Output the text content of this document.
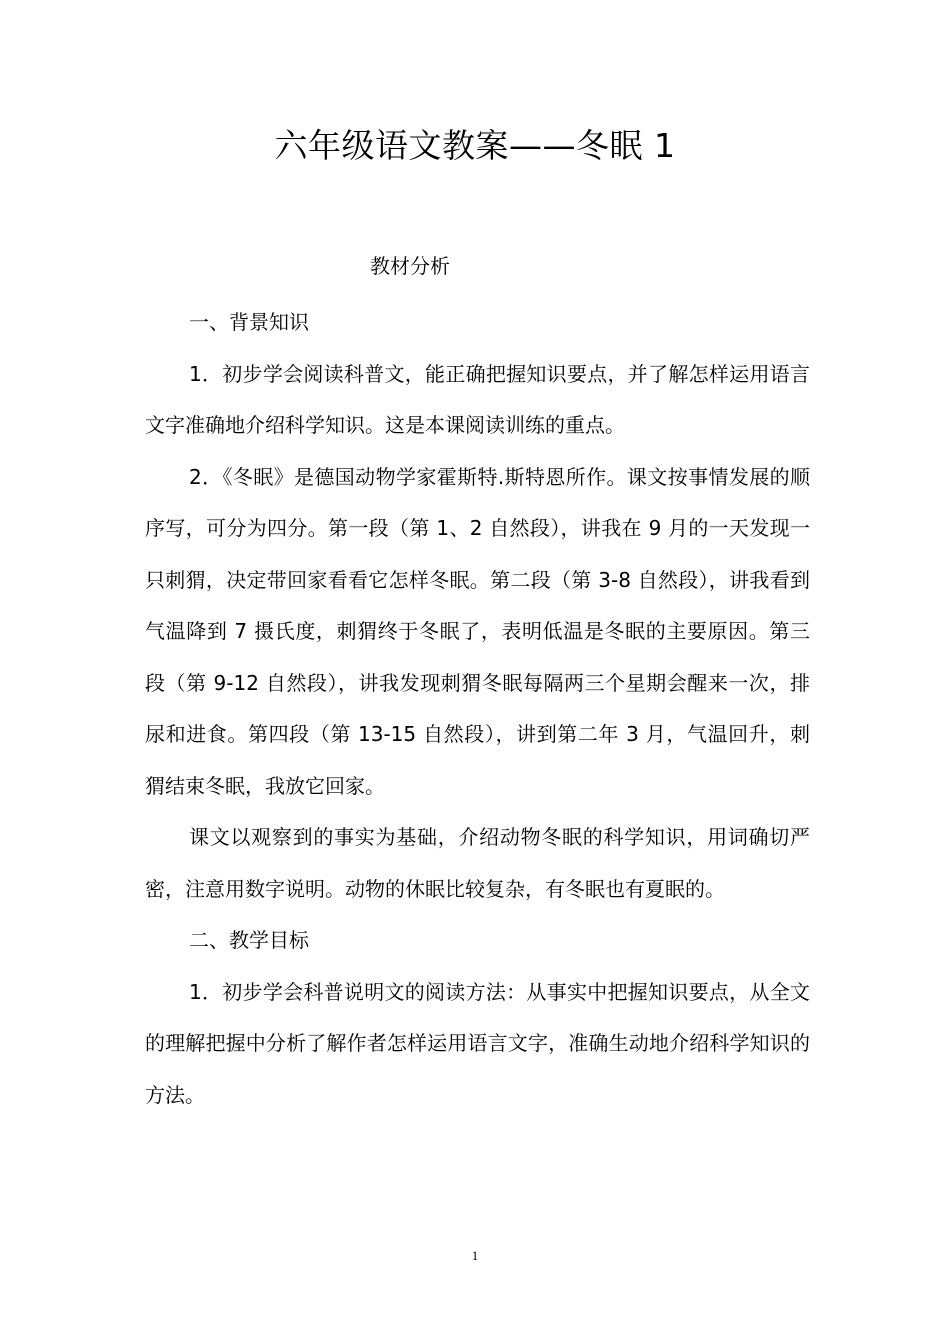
六年级语文教案——冬眠 1
教材分析

一、背景知识

1．初步学会阅读科普文，能正确把握知识要点，并了解怎样运用语言文字准确地介绍科学知识。这是本课阅读训练的重点。

2．《冬眠》是德国动物学家霍斯特.斯特恩所作。课文按事情发展的顺序写，可分为四分。第一段（第 1、2 自然段），讲我在 9 月的一天发现一只刺猬，决定带回家看看它怎样冬眠。第二段（第 3-8 自然段），讲我看到气温降到 7 摄氏度，刺猬终于冬眠了，表明低温是冬眠的主要原因。第三段（第 9-12 自然段），讲我发现刺猬冬眠每隔两三个星期会醒来一次，排尿和进食。第四段（第 13-15 自然段），讲到第二年 3 月，气温回升，刺猬结束冬眠，我放它回家。

课文以观察到的事实为基础，介绍动物冬眠的科学知识，用词确切严密，注意用数字说明。动物的休眠比较复杂，有冬眠也有夏眠的。

二、教学目标

1．初步学会科普说明文的阅读方法：从事实中把握知识要点，从全文的理解把握中分析了解作者怎样运用语言文字，准确生动地介绍科学知识的方法。

1
